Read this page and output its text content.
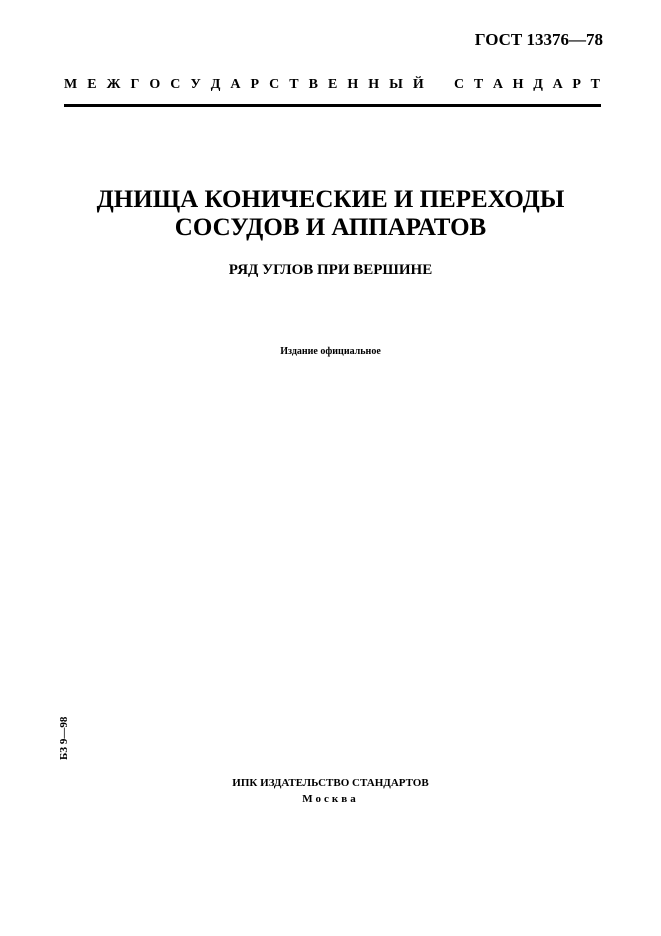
ГОСТ 13376—78
М Е Ж Г О С У Д А Р С Т В Е Н Н Ы Й С Т А Н Д А Р Т
ДНИЩА КОНИЧЕСКИЕ И ПЕРЕХОДЫ
СОСУДОВ И АППАРАТОВ
РЯД УГЛОВ ПРИ ВЕРШИНЕ
Издание официальное
БЗ 9—98
ИПК ИЗДАТЕЛЬСТВО СТАНДАРТОВ
Москва
